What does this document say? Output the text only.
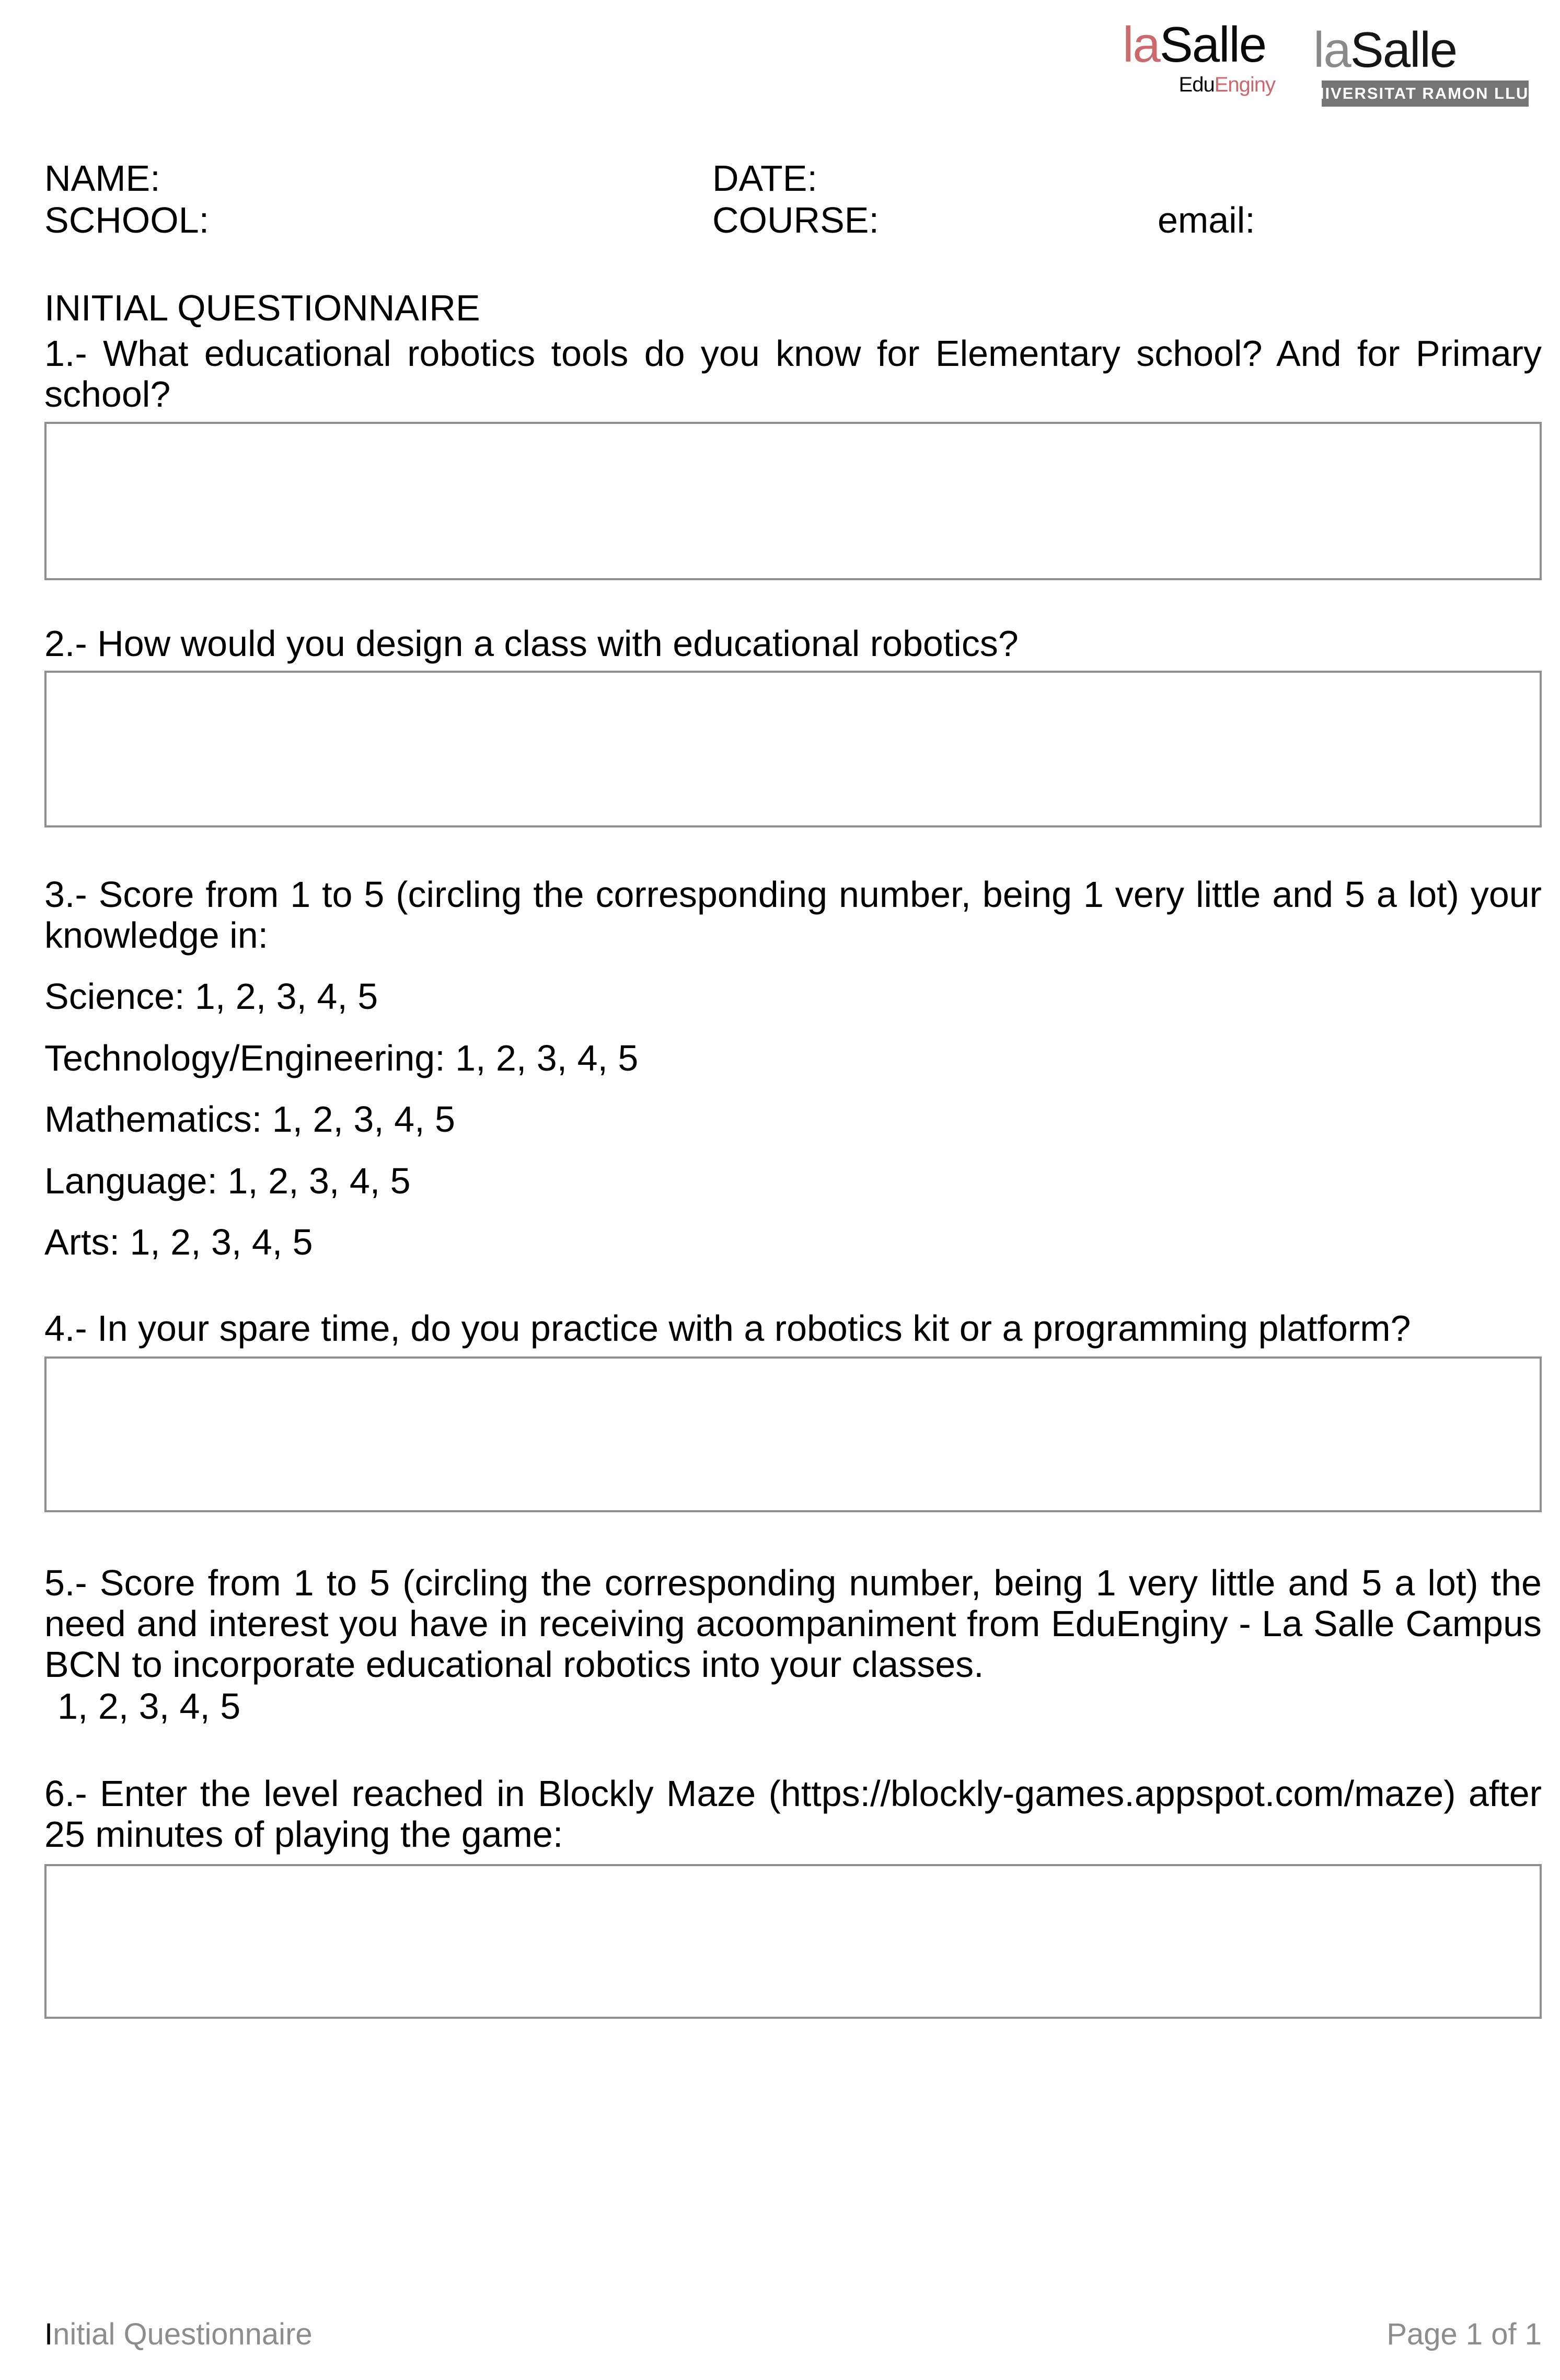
laSalle
EduEnginy
laSalle
UNIVERSITAT RAMON LLULL
NAME:	DATE:
SCHOOL:	COURSE:	email:
INITIAL QUESTIONNAIRE
1.- What educational robotics tools do you know for Elementary school? And for Primary school?
2.- How would you design a class with educational robotics?
3.- Score from 1 to 5 (circling the corresponding number, being 1 very little and 5 a lot) your knowledge in:
Science: 1, 2, 3, 4, 5
Technology/Engineering: 1, 2, 3, 4, 5
Mathematics: 1, 2, 3, 4, 5
Language: 1, 2, 3, 4, 5
Arts: 1, 2, 3, 4, 5
4.- In your spare time, do you practice with a robotics kit or a programming platform?
5.- Score from 1 to 5 (circling the corresponding number, being 1 very little and 5 a lot) the need and interest you have in receiving acoompaniment from EduEnginy - La Salle Campus BCN to incorporate educational robotics into your classes.
1, 2, 3, 4, 5
6.- Enter the level reached in Blockly Maze (https://blockly-games.appspot.com/maze) after 25 minutes of playing the game:
Initial Questionnaire	Page 1 of 1
